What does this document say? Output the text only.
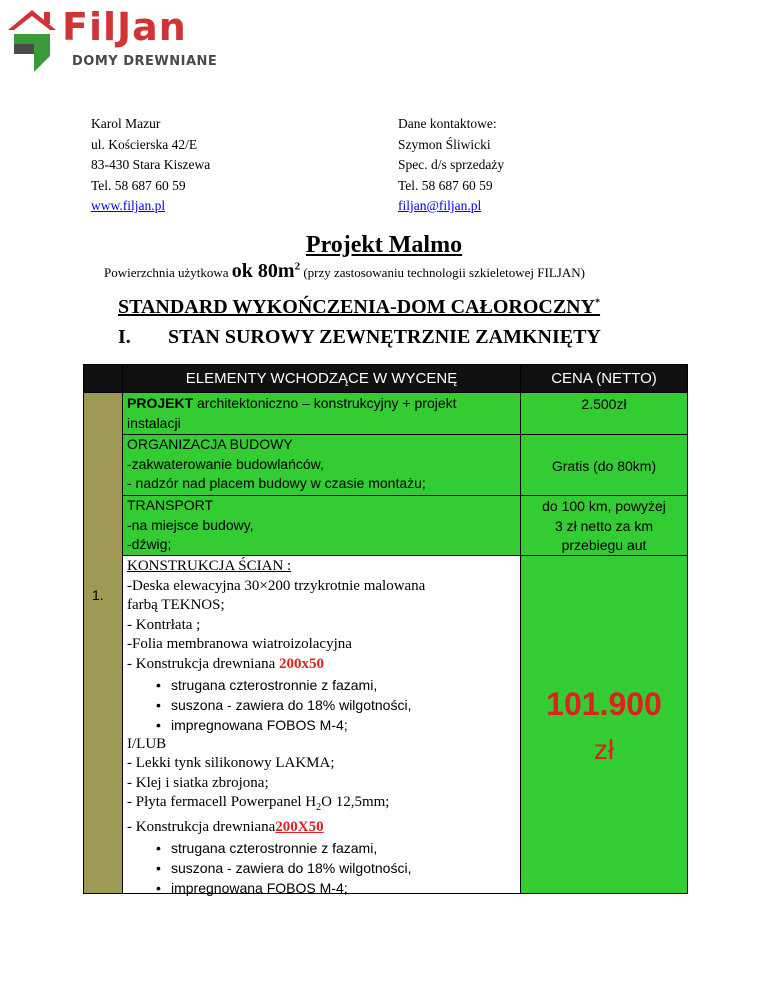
FilJan
DOMY DREWNIANE
Karol Mazur
ul. Kościerska 42/E
83-430 Stara Kiszewa
Tel. 58 687 60 59
www.filjan.pl
Dane kontaktowe:
Szymon Śliwicki
Spec. d/s sprzedaży
Tel. 58 687 60 59
filjan@filjan.pl
Projekt Malmo
Powierzchnia użytkowa ok $80m^2$ (przy zastosowaniu technologii szkieletowej FILJAN)
STANDARD WYKOŃCZENIA-DOM CAŁOROCZNY*
I. STAN SUROWY ZEWNĘTRZNIE ZAMKNIĘTY
ELEMENTY WCHODZĄCE W WYCENĘ	CENA (NETTO)
1.
PROJEKT architektoniczno – konstrukcyjny + projekt
instalacji
2.500zł
ORGANIZACJA BUDOWY
-zakwaterowanie budowlańców,
- nadzór nad placem budowy w czasie montażu;
Gratis (do 80km)
TRANSPORT
-na miejsce budowy,
-dźwig;
do 100 km, powyżej
3 zł netto za km
przebiegu aut
KONSTRUKCJA ŚCIAN :
-Deska elewacyjna 30×200 trzykrotnie malowana
farbą TEKNOS;
- Kontrłata ;
-Folia membranowa wiatroizolacyjna
- Konstrukcja drewniana 200x50
• strugana czterostronnie z fazami,
• suszona - zawiera do 18% wilgotności,
• impregnowana FOBOS M-4;
I/LUB
- Lekki tynk silikonowy LAKMA;
- Klej i siatka zbrojona;
- Płyta fermacell Powerpanel $H_2O$ 12,5mm;
- Konstrukcja drewniana200X50
• strugana czterostronnie z fazami,
• suszona - zawiera do 18% wilgotności,
• impregnowana FOBOS M-4;
101.900
zł
